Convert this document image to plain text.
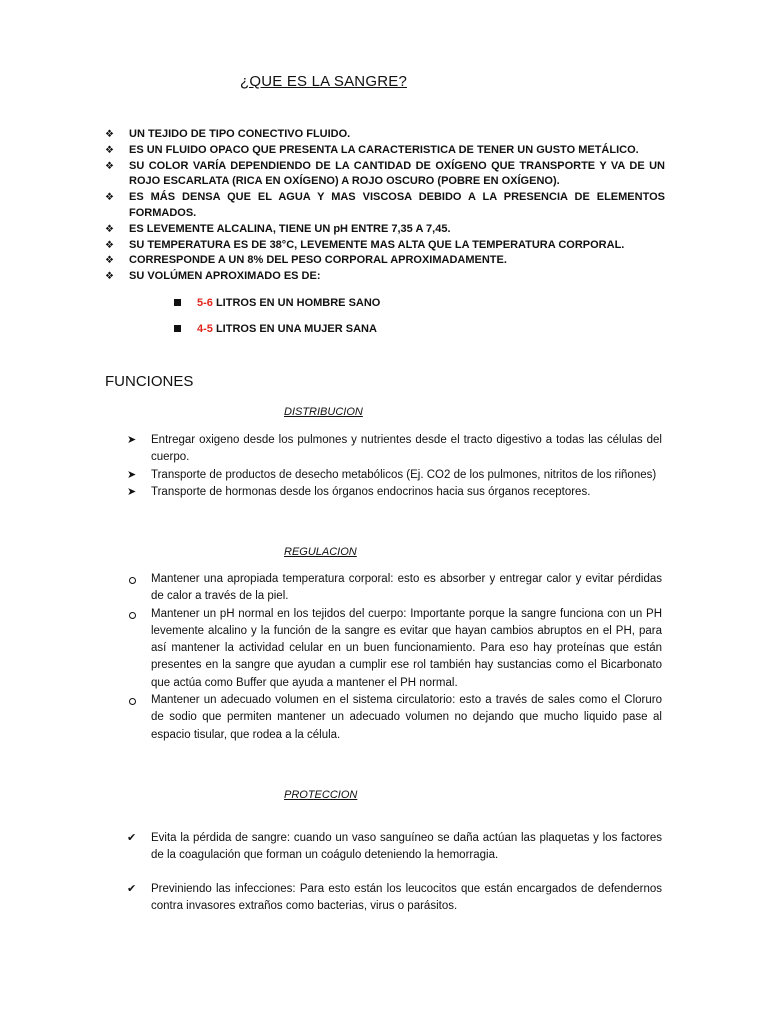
¿QUE ES LA SANGRE?
❖ UN TEJIDO DE TIPO CONECTIVO FLUIDO.
❖ ES UN FLUIDO OPACO QUE PRESENTA LA CARACTERISTICA DE TENER UN GUSTO METÁLICO.
❖ SU COLOR VARÍA DEPENDIENDO DE LA CANTIDAD DE OXÍGENO QUE TRANSPORTE Y VA DE UN ROJO ESCARLATA (RICA EN OXÍGENO) A ROJO OSCURO (POBRE EN OXÍGENO).
❖ ES MÁS DENSA QUE EL AGUA Y MAS VISCOSA DEBIDO A LA PRESENCIA DE ELEMENTOS FORMADOS.
❖ ES LEVEMENTE ALCALINA, TIENE UN pH ENTRE 7,35 A 7,45.
❖ SU TEMPERATURA ES DE 38°C, LEVEMENTE MAS ALTA QUE LA TEMPERATURA CORPORAL.
❖ CORRESPONDE A UN 8% DEL PESO CORPORAL APROXIMADAMENTE.
❖ SU VOLÚMEN APROXIMADO ES DE:
5-6 LITROS EN UN HOMBRE SANO
4-5 LITROS EN UNA MUJER SANA
FUNCIONES
DISTRIBUCION
➤ Entregar oxigeno desde los pulmones y nutrientes desde el tracto digestivo a todas las células del cuerpo.
➤ Transporte de productos de desecho metabólicos (Ej. CO2 de los pulmones, nitritos de los riñones)
➤ Transporte de hormonas desde los órganos endocrinos hacia sus órganos receptores.
REGULACION
Mantener una apropiada temperatura corporal: esto es absorber y entregar calor y evitar pérdidas de calor a través de la piel.
Mantener un pH normal en los tejidos del cuerpo: Importante porque la sangre funciona con un PH levemente alcalino y la función de la sangre es evitar que hayan cambios abruptos en el PH, para así mantener la actividad celular en un buen funcionamiento. Para eso hay proteínas que están presentes en la sangre que ayudan a cumplir ese rol también hay sustancias como el Bicarbonato que actúa como Buffer que ayuda a mantener el PH normal.
Mantener un adecuado volumen en el sistema circulatorio: esto a través de sales como el Cloruro de sodio que permiten mantener un adecuado volumen no dejando que mucho liquido pase al espacio tisular, que rodea a la célula.
PROTECCION
✔ Evita la pérdida de sangre: cuando un vaso sanguíneo se daña actúan las plaquetas y los factores de la coagulación que forman un coágulo deteniendo la hemorragia.
✔ Previniendo las infecciones: Para esto están los leucocitos que están encargados de defendernos contra invasores extraños como bacterias, virus o parásitos.
